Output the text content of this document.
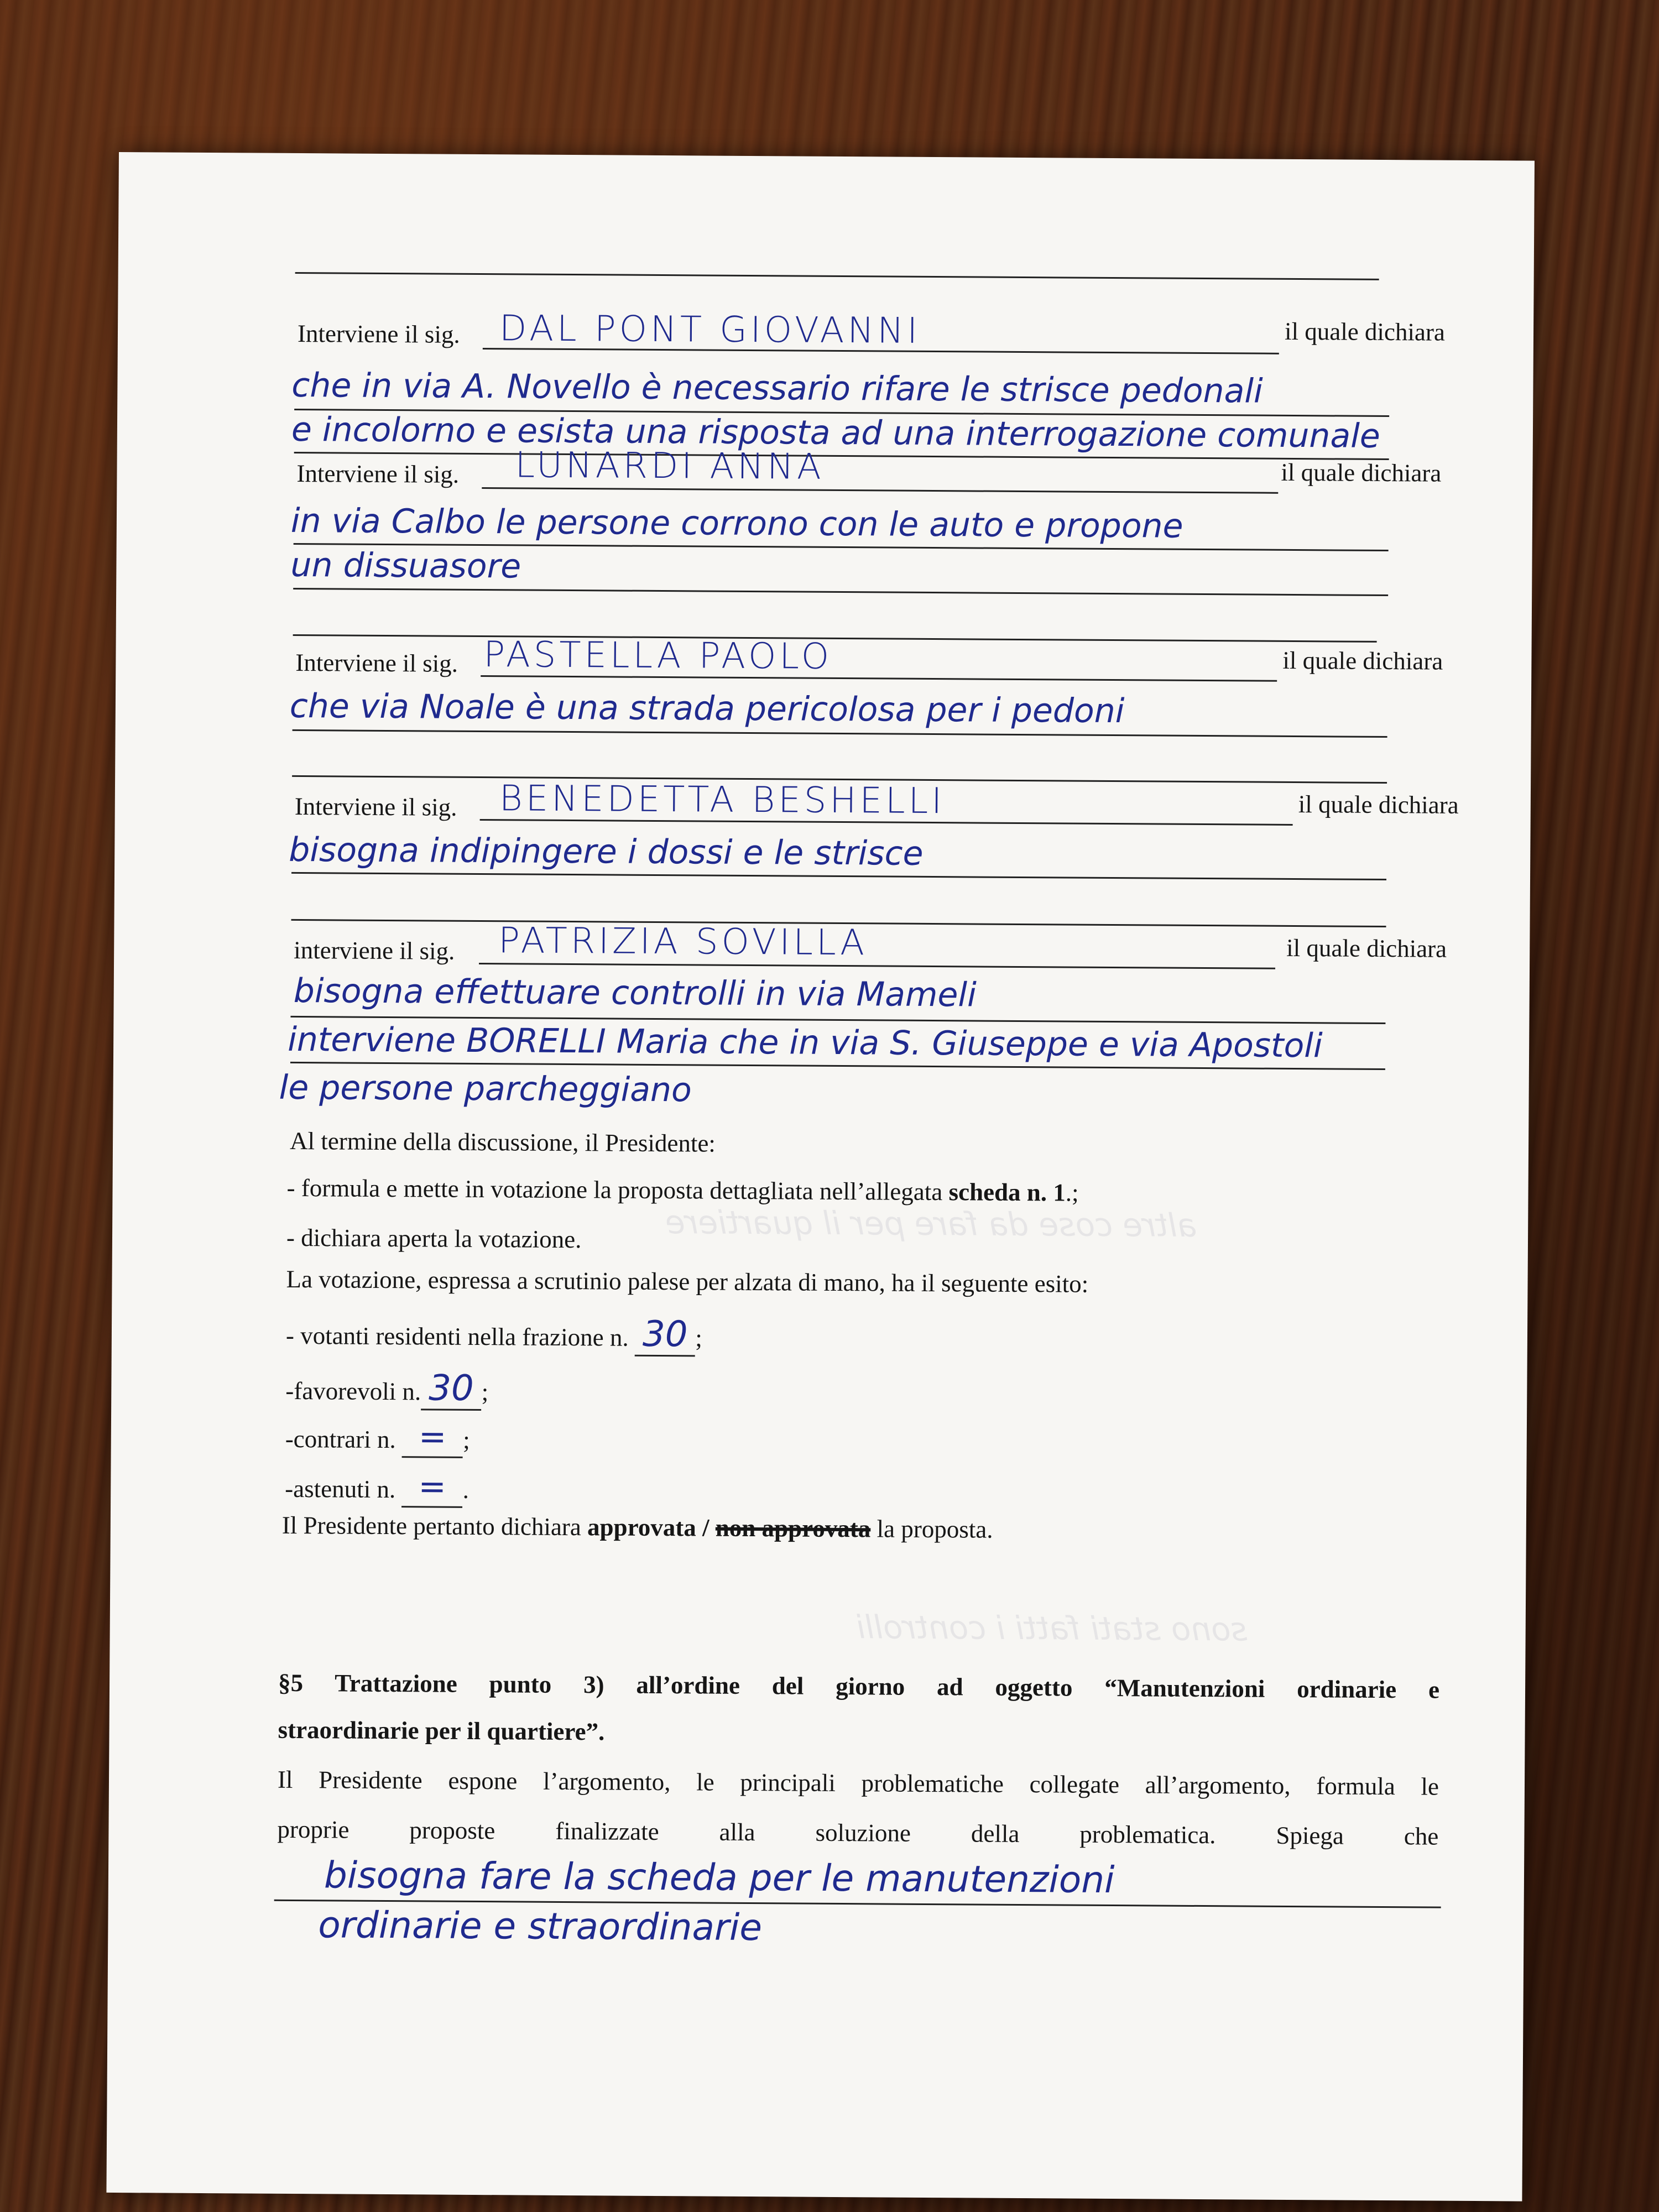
Interviene il sig. DAL PONT GIOVANNI	il quale dichiara
che in via A. Novello è necessario rifare le strisce pedonali
e incolorno e esista una risposta ad una interrogazione comunale
Interviene il sig. LUNARDI ANNA	il quale dichiara
in via Calbo le persone corrono con le auto e propone
un dissuasore
Interviene il sig. PASTELLA PAOLO	il quale dichiara
che via Noale è una strada pericolosa per i pedoni
Interviene il sig. BENEDETTA BESHELLI	il quale dichiara
bisogna indipingere i dossi e le strisce
interviene il sig. PATRIZIA SOVILLA	il quale dichiara
bisogna effettuare controlli in via Mameli
interviene BORELLI Maria che in via S. Giuseppe e via Apostoli
le persone parcheggiano
Al termine della discussione, il Presidente:
- formula e mette in votazione la proposta dettagliata nell’allegata scheda n. 1.;
- dichiara aperta la votazione.
La votazione, espressa a scrutinio palese per alzata di mano, ha il seguente esito:
- votanti residenti nella frazione n. 30 ;
-favorevoli n. 30 ;
-contrari n. = ;
-astenuti n. = .
Il Presidente pertanto dichiara approvata / non approvata la proposta.
sono stati fatti i controlli
altre cose da fare per il quartiere
§5 Trattazione punto 3) all’ordine del giorno ad oggetto “Manutenzioni ordinarie e
straordinarie per il quartiere”.
Il Presidente espone l’argomento, le principali problematiche collegate all’argomento, formula le
proprie proposte finalizzate alla soluzione della problematica. Spiega che
bisogna fare la scheda per le manutenzioni
ordinarie e straordinarie
